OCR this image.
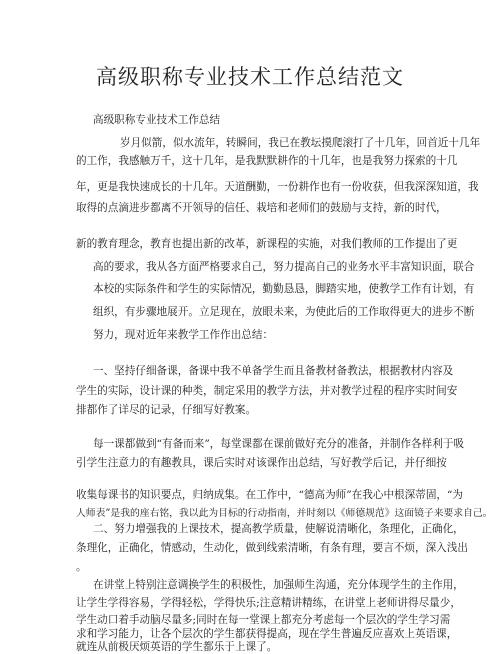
高级职称专业技术工作总结范文
高级职称专业技术工作总结
岁月似箭，似水流年，转瞬间，我已在教坛摸爬滚打了十几年，回首近十几年
的工作，我感触万千，这十几年，是我默默耕作的十几年，也是我努力探索的十几
年，更是我快速成长的十几年。天道酬勤，一份耕作也有一份收获，但我深深知道，我
取得的点滴进步都离不开领导的信任、栽培和老师们的鼓励与支持，新的时代，
新的教育理念，教育也提出新的改革，新课程的实施，对我们教师的工作提出了更
高的要求，我从各方面严格要求自己，努力提高自己的业务水平丰富知识面，联合
本校的实际条件和学生的实际情况，勤勤恳恳，脚踏实地，使教学工作有计划，有
组织，有步骤地展开。立足现在，放眼未来，为使此后的工作取得更大的进步不断
努力，现对近年来教学工作作出总结：
一、坚持仔细备课，备课中我不单备学生而且备教材备教法，根据教材内容及
学生的实际，设计课的种类，制定采用的教学方法，并对教学过程的程序实时间安
排都作了详尽的记录，仔细写好教案。
每一课都做到“有备而来”，每堂课都在课前做好充分的准备，并制作各样利于吸
引学生注意力的有趣教具，课后实时对该课作出总结，写好教学后记，并仔细按
收集每课书的知识要点，归纳成集。在工作中，“德高为师”在我心中根深蒂固，“为
人师表”是我的座右铭，我以此为目标的行动指南，并时刻以《师德规范》这面镜子来要求自己。
二、努力增强我的上课技术，提高教学质量，使解说清晰化，条理化，正确化，
条理化，正确化，情感动，生动化，做到线索清晰，有条有理，要言不烦，深入浅出
。
在讲堂上特别注意调换学生的积极性，加强师生沟通，充分体现学生的主作用，
让学生学得容易，学得轻松，学得快乐;注意精讲精练，在讲堂上老师讲得尽量少，
学生动口着手动脑尽量多;同时在每一堂课上都充分考虑每一个层次的学生学习需
求和学习能力，让各个层次的学生都获得提高，现在学生普遍反应喜欢上英语课，
就连从前极厌烦英语的学生都乐于上课了。
